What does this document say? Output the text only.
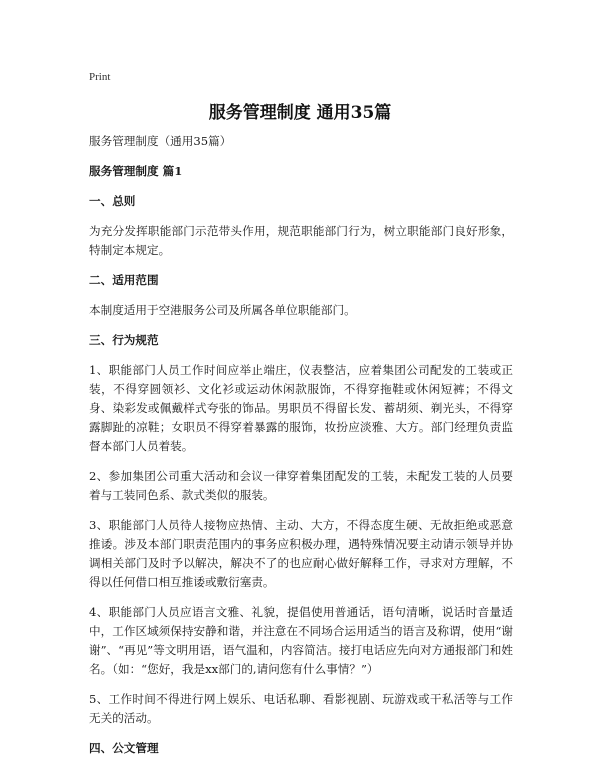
Print
服务管理制度 通用35篇

服务管理制度（通用35篇）

服务管理制度 篇1

一、总则

为充分发挥职能部门示范带头作用，规范职能部门行为，树立职能部门良好形象，特制定本规定。

二、适用范围

本制度适用于空港服务公司及所属各单位职能部门。

三、行为规范

1、职能部门人员工作时间应举止端庄，仪表整洁，应着集团公司配发的工装或正装，不得穿圆领衫、文化衫或运动休闲款服饰，不得穿拖鞋或休闲短裤；不得文身、染彩发或佩戴样式夸张的饰品。男职员不得留长发、蓄胡须、剃光头，不得穿露脚趾的凉鞋；女职员不得穿着暴露的服饰，妆扮应淡雅、大方。部门经理负责监督本部门人员着装。

2、参加集团公司重大活动和会议一律穿着集团配发的工装，未配发工装的人员要着与工装同色系、款式类似的服装。

3、职能部门人员待人接物应热情、主动、大方，不得态度生硬、无故拒绝或恶意推诿。涉及本部门职责范围内的事务应积极办理，遇特殊情况要主动请示领导并协调相关部门及时予以解决，解决不了的也应耐心做好解释工作，寻求对方理解，不得以任何借口相互推诿或敷衍塞责。

4、职能部门人员应语言文雅、礼貌，提倡使用普通话，语句清晰，说话时音量适中，工作区域须保持安静和谐，并注意在不同场合运用适当的语言及称谓，使用“谢谢”、“再见”等文明用语，语气温和，内容简洁。接打电话应先向对方通报部门和姓名。（如：“您好，我是xx部门的,请问您有什么事情？”）

5、工作时间不得进行网上娱乐、电话私聊、看影视剧、玩游戏或干私活等与工作无关的活动。

四、公文管理
